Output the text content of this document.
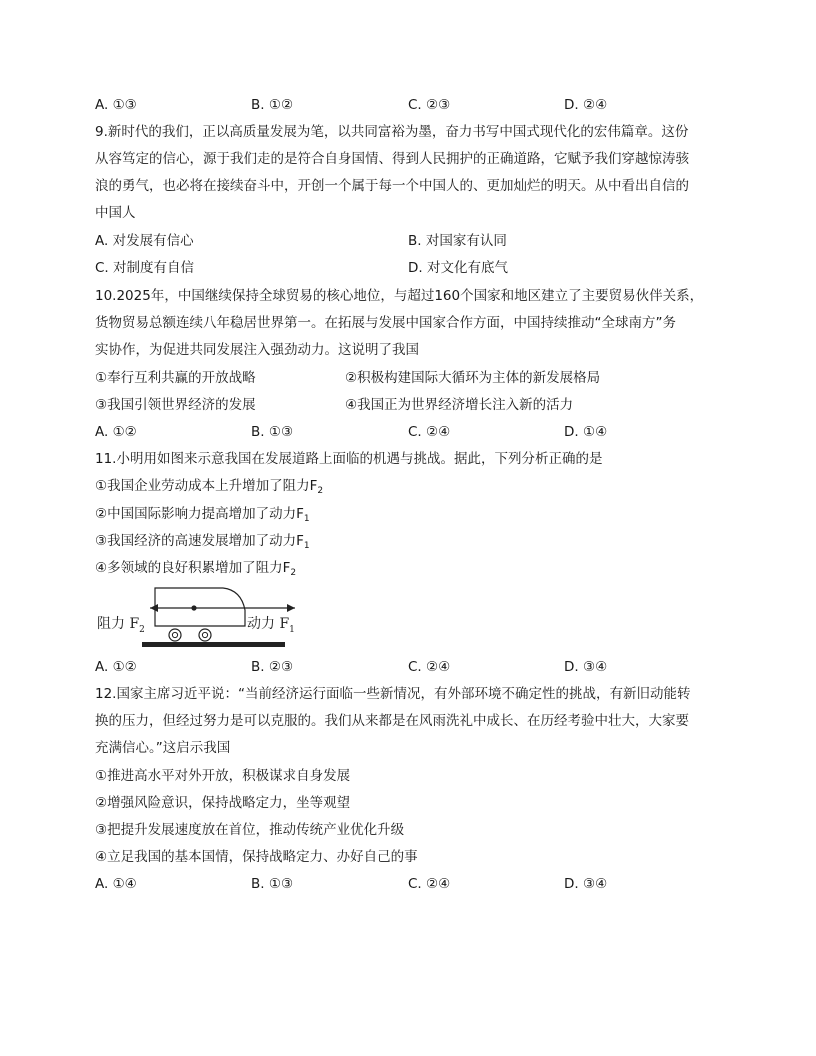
A. ①③	B. ①②	C. ②③	D. ②④
9.新时代的我们，正以高质量发展为笔，以共同富裕为墨，奋力书写中国式现代化的宏伟篇章。这份
从容笃定的信心，源于我们走的是符合自身国情、得到人民拥护的正确道路，它赋予我们穿越惊涛骇
浪的勇气，也必将在接续奋斗中，开创一个属于每一个中国人的、更加灿烂的明天。从中看出自信的
中国人
A. 对发展有信心	B. 对国家有认同
C. 对制度有自信	D. 对文化有底气
10.2025年，中国继续保持全球贸易的核心地位，与超过160个国家和地区建立了主要贸易伙伴关系，
货物贸易总额连续八年稳居世界第一。在拓展与发展中国家合作方面，中国持续推动“全球南方”务
实协作，为促进共同发展注入强劲动力。这说明了我国
①奉行互利共赢的开放战略	②积极构建国际大循环为主体的新发展格局
③我国引领世界经济的发展	④我国正为世界经济增长注入新的活力
A. ①②	B. ①③	C. ②④	D. ①④
11.小明用如图来示意我国在发展道路上面临的机遇与挑战。据此，下列分析正确的是
①我国企业劳动成本上升增加了阻力$F_2$
②中国国际影响力提高增加了动力$F_1$
③我国经济的高速发展增加了动力$F_1$
④多领域的良好积累增加了阻力$F_2$
阻力 $F_2$	动力 $F_1$
A. ①②	B. ②③	C. ②④	D. ③④
12.国家主席习近平说：“当前经济运行面临一些新情况，有外部环境不确定性的挑战，有新旧动能转
换的压力，但经过努力是可以克服的。我们从来都是在风雨洗礼中成长、在历经考验中壮大，大家要
充满信心。”这启示我国
①推进高水平对外开放，积极谋求自身发展
②增强风险意识，保持战略定力，坐等观望
③把提升发展速度放在首位，推动传统产业优化升级
④立足我国的基本国情，保持战略定力、办好自己的事
A. ①④	B. ①③	C. ②④	D. ③④
